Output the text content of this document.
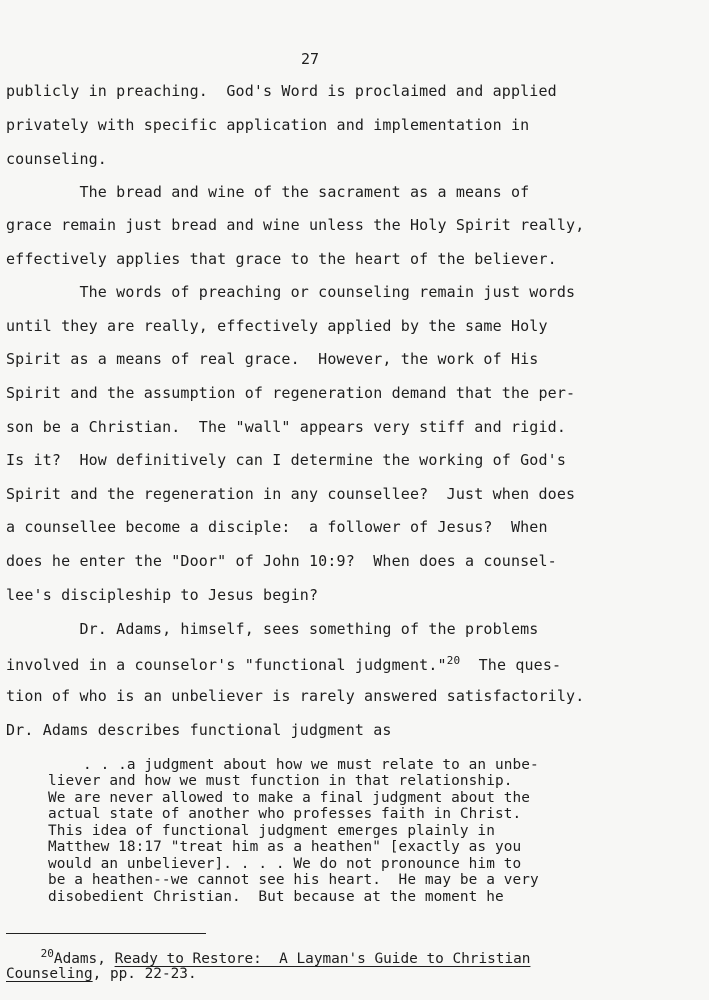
27
publicly in preaching.  God's Word is proclaimed and applied
privately with specific application and implementation in
counseling.
The bread and wine of the sacrament as a means of
grace remain just bread and wine unless the Holy Spirit really,
effectively applies that grace to the heart of the believer.
The words of preaching or counseling remain just words
until they are really, effectively applied by the same Holy
Spirit as a means of real grace.  However, the work of His
Spirit and the assumption of regeneration demand that the per-
son be a Christian.  The "wall" appears very stiff and rigid.
Is it?  How definitively can I determine the working of God's
Spirit and the regeneration in any counsellee?  Just when does
a counsellee become a disciple:  a follower of Jesus?  When
does he enter the "Door" of John 10:9?  When does a counsel-
lee's discipleship to Jesus begin?
Dr. Adams, himself, sees something of the problems
involved in a counselor's "functional judgment."$^{20}$  The ques-
tion of who is an unbeliever is rarely answered satisfactorily.
Dr. Adams describes functional judgment as
. . .a judgment about how we must relate to an unbe-
liever and how we must function in that relationship.
We are never allowed to make a final judgment about the
actual state of another who professes faith in Christ.
This idea of functional judgment emerges plainly in
Matthew 18:17 "treat him as a heathen" [exactly as you
would an unbeliever]. . . . We do not pronounce him to
be a heathen--we cannot see his heart.  He may be a very
disobedient Christian.  But because at the moment he
$^{20}$Adams, Ready to Restore:  A Layman's Guide to Christian
Counseling, pp. 22-23.
